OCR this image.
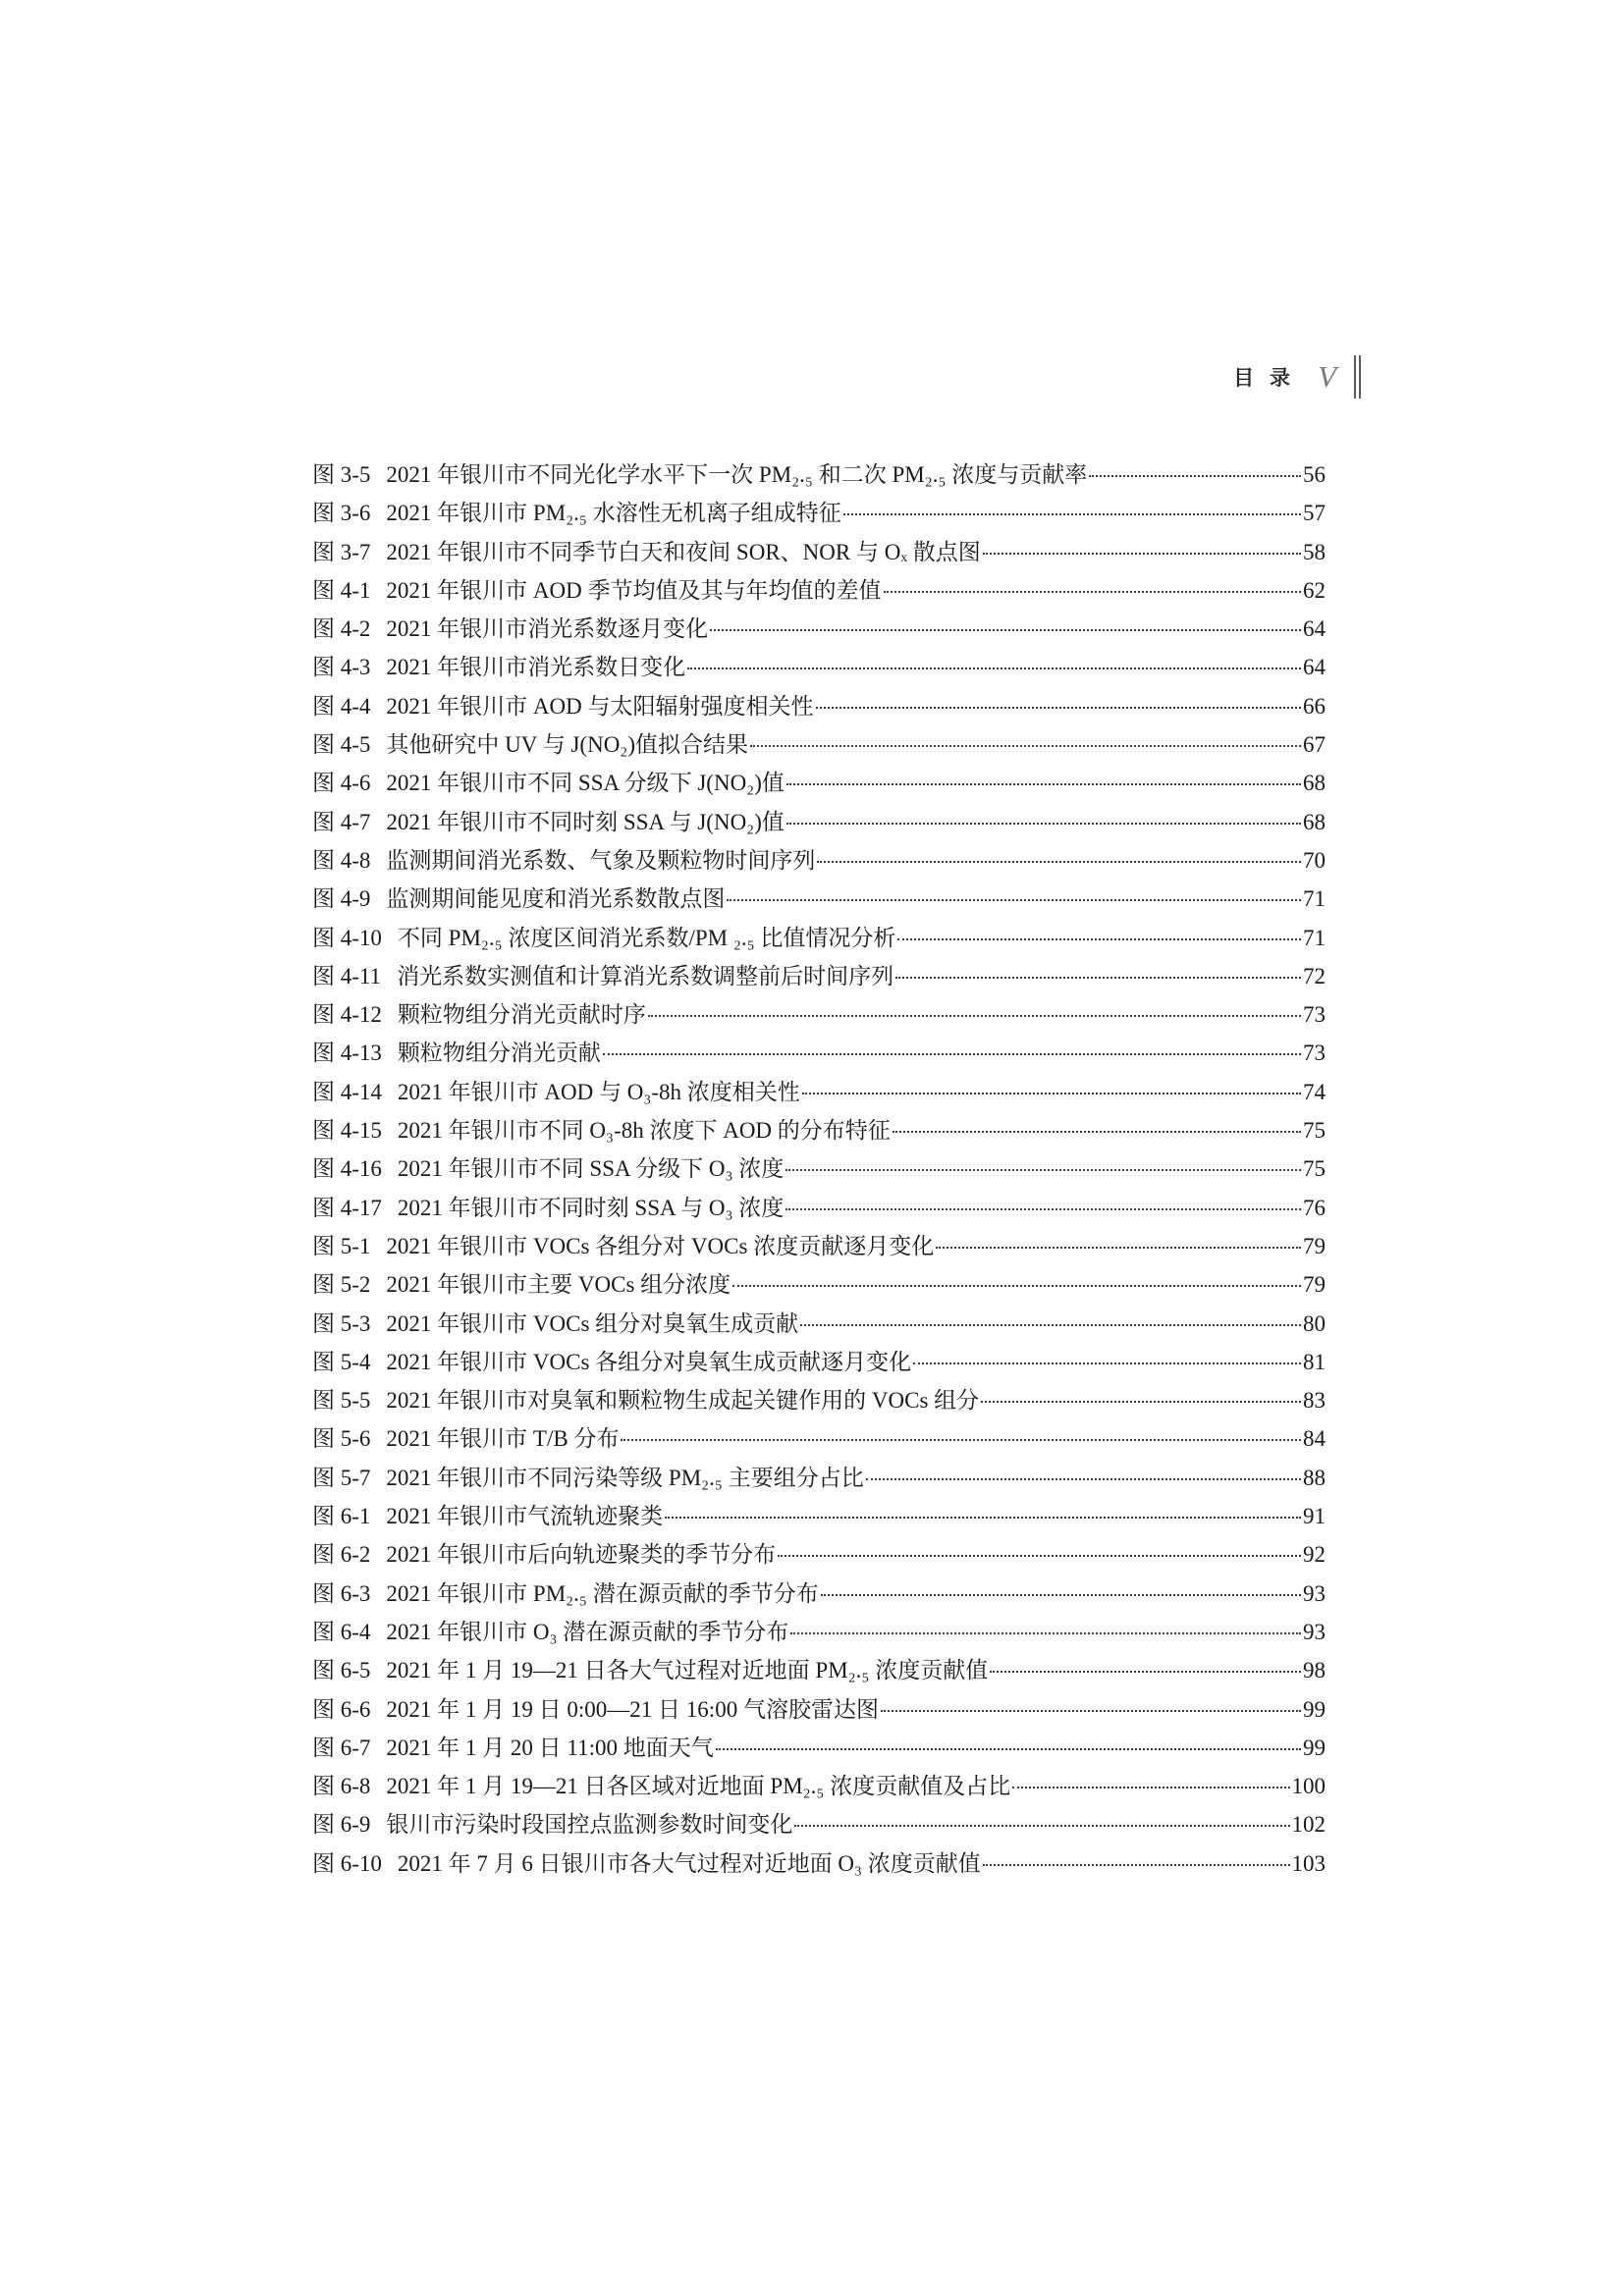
目录 V
图 3-5 2021 年银川市不同光化学水平下一次 PM₂.₅ 和二次 PM₂.₅ 浓度与贡献率	56
图 3-6 2021 年银川市 PM₂.₅ 水溶性无机离子组成特征	57
图 3-7 2021 年银川市不同季节白天和夜间 SOR、NOR 与 Oₓ 散点图	58
图 4-1 2021 年银川市 AOD 季节均值及其与年均值的差值	62
图 4-2 2021 年银川市消光系数逐月变化	64
图 4-3 2021 年银川市消光系数日变化	64
图 4-4 2021 年银川市 AOD 与太阳辐射强度相关性	66
图 4-5 其他研究中 UV 与 J(NO₂)值拟合结果	67
图 4-6 2021 年银川市不同 SSA 分级下 J(NO₂)值	68
图 4-7 2021 年银川市不同时刻 SSA 与 J(NO₂)值	68
图 4-8 监测期间消光系数、气象及颗粒物时间序列	70
图 4-9 监测期间能见度和消光系数散点图	71
图 4-10 不同 PM₂.₅ 浓度区间消光系数/PM ₂.₅ 比值情况分析	71
图 4-11 消光系数实测值和计算消光系数调整前后时间序列	72
图 4-12 颗粒物组分消光贡献时序	73
图 4-13 颗粒物组分消光贡献	73
图 4-14 2021 年银川市 AOD 与 O₃-8h 浓度相关性	74
图 4-15 2021 年银川市不同 O₃-8h 浓度下 AOD 的分布特征	75
图 4-16 2021 年银川市不同 SSA 分级下 O₃ 浓度	75
图 4-17 2021 年银川市不同时刻 SSA 与 O₃ 浓度	76
图 5-1 2021 年银川市 VOCs 各组分对 VOCs 浓度贡献逐月变化	79
图 5-2 2021 年银川市主要 VOCs 组分浓度	79
图 5-3 2021 年银川市 VOCs 组分对臭氧生成贡献	80
图 5-4 2021 年银川市 VOCs 各组分对臭氧生成贡献逐月变化	81
图 5-5 2021 年银川市对臭氧和颗粒物生成起关键作用的 VOCs 组分	83
图 5-6 2021 年银川市 T/B 分布	84
图 5-7 2021 年银川市不同污染等级 PM₂.₅ 主要组分占比	88
图 6-1 2021 年银川市气流轨迹聚类	91
图 6-2 2021 年银川市后向轨迹聚类的季节分布	92
图 6-3 2021 年银川市 PM₂.₅ 潜在源贡献的季节分布	93
图 6-4 2021 年银川市 O₃ 潜在源贡献的季节分布	93
图 6-5 2021 年 1 月 19—21 日各大气过程对近地面 PM₂.₅ 浓度贡献值	98
图 6-6 2021 年 1 月 19 日 0:00—21 日 16:00 气溶胶雷达图	99
图 6-7 2021 年 1 月 20 日 11:00 地面天气	99
图 6-8 2021 年 1 月 19—21 日各区域对近地面 PM₂.₅ 浓度贡献值及占比	100
图 6-9 银川市污染时段国控点监测参数时间变化	102
图 6-10 2021 年 7 月 6 日银川市各大气过程对近地面 O₃ 浓度贡献值	103
